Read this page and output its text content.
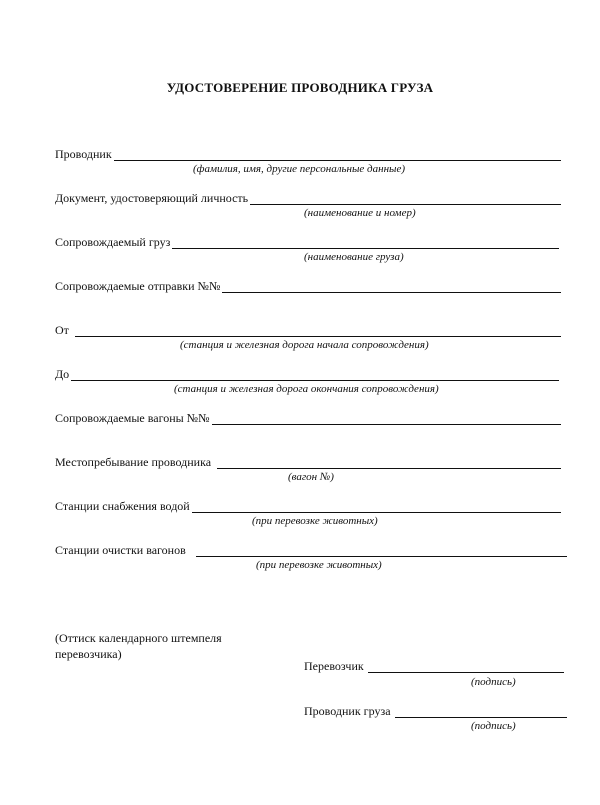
УДОСТОВЕРЕНИЕ ПРОВОДНИКА ГРУЗА
Проводник
(фамилия, имя, другие персональные данные)
Документ, удостоверяющий личность
(наименование и номер)
Сопровождаемый груз
(наименование груза)
Сопровождаемые отправки №№
От
(станция и железная дорога начала сопровождения)
До
(станция и железная дорога окончания сопровождения)
Сопровождаемые вагоны №№
Местопребывание проводника
(вагон №)
Станции снабжения водой
(при перевозке животных)
Станции очистки вагонов
(при перевозке животных)
(Оттиск календарного штемпеля перевозчика)
Перевозчик
(подпись)
Проводник груза
(подпись)
